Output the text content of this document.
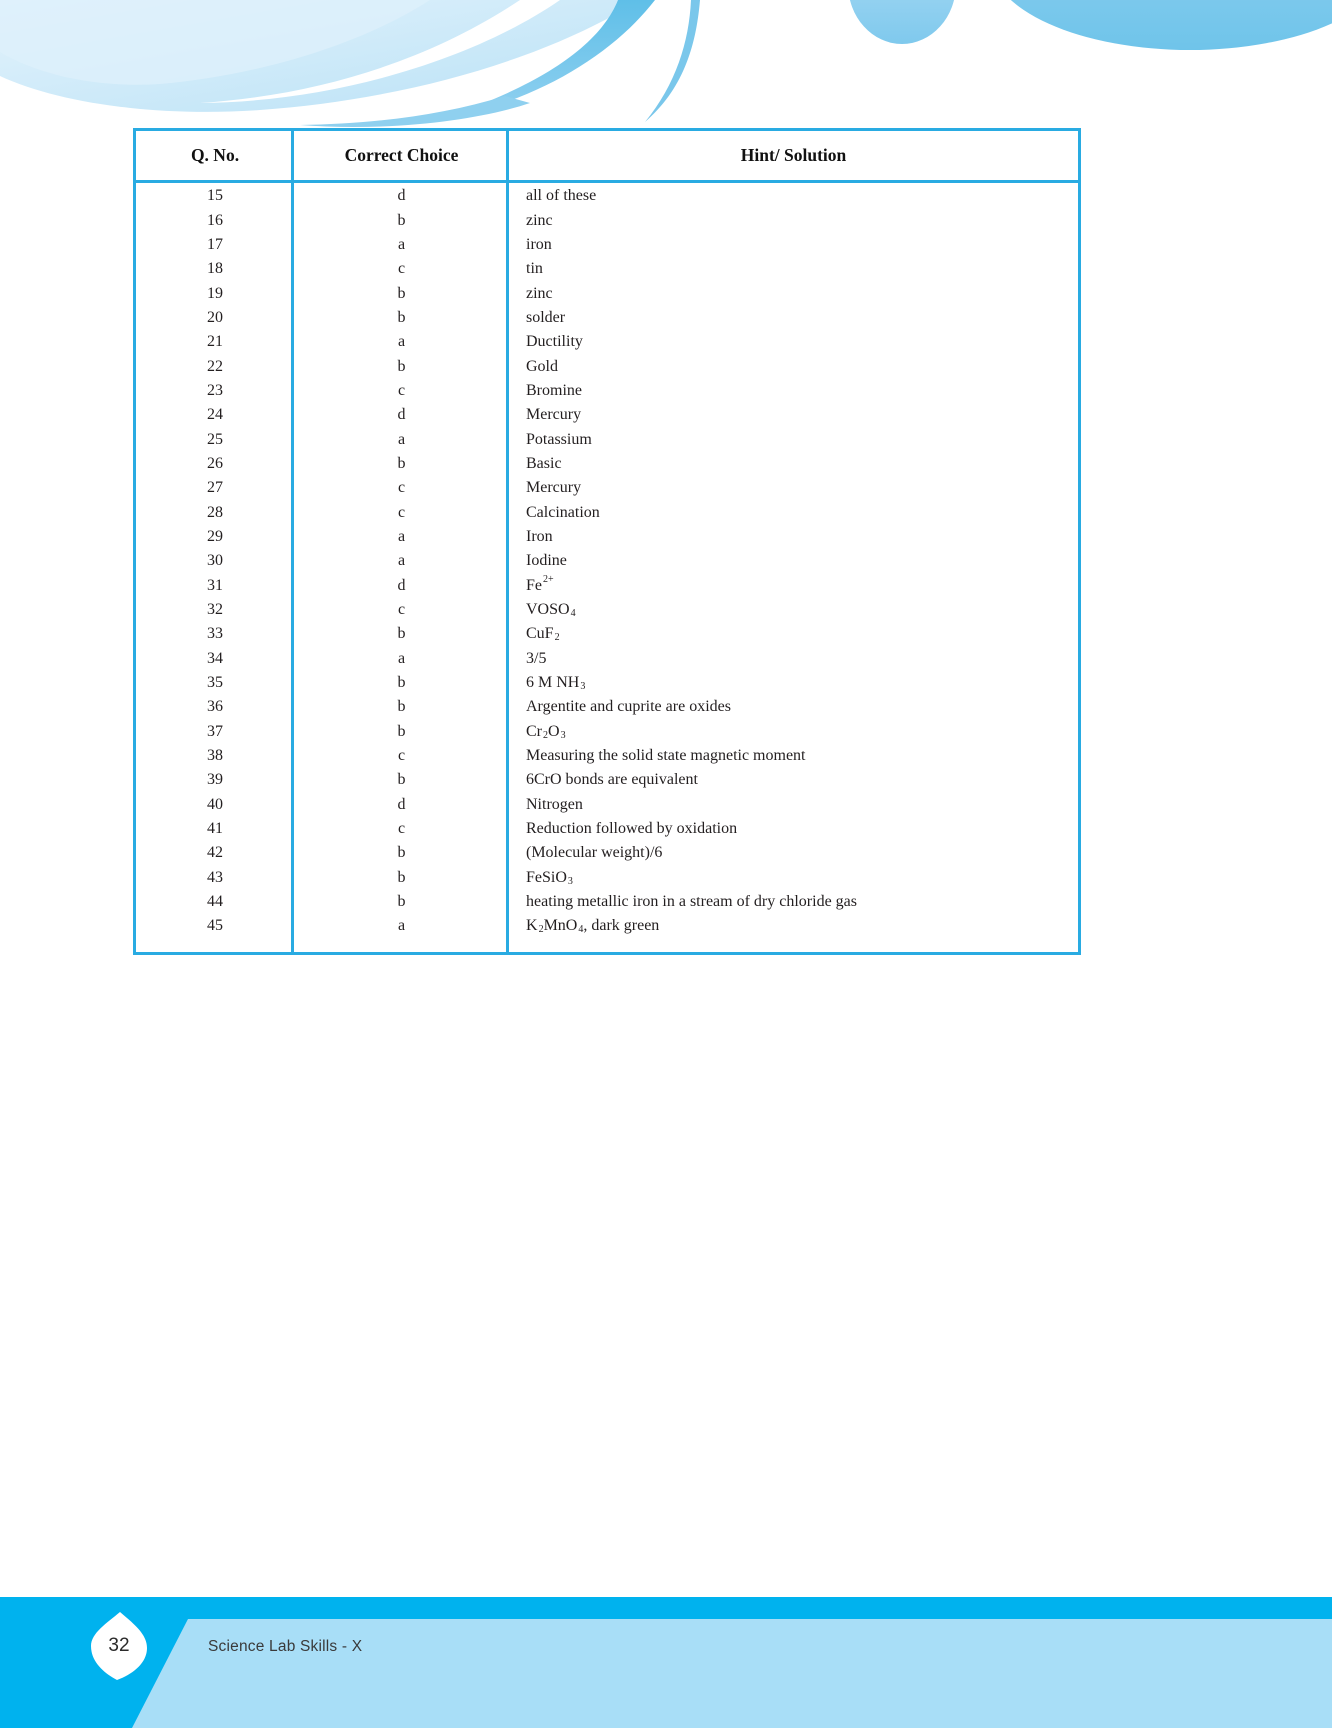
Q. No.	Correct Choice	Hint/ Solution
15	d	all of these
16	b	zinc
17	a	iron
18	c	tin
19	b	zinc
20	b	solder
21	a	Ductility
22	b	Gold
23	c	Bromine
24	d	Mercury
25	a	Potassium
26	b	Basic
27	c	Mercury
28	c	Calcination
29	a	Iron
30	a	Iodine
31	d	$Fe^{2+}$
32	c	$VOSO_4$
33	b	CuF$_2$
34	a	3/5
35	b	6 M $NH_3$
36	b	Argentite and cuprite are oxides
37	b	$Cr_2$ $O_3$
38	c	Measuring the solid state magnetic moment
39	b	6CrO bonds are equivalent
40	d	Nitrogen
41	c	Reduction followed by oxidation
42	b	(Molecular weight)/6
43	b	FeSiO$_3$
44	b	heating metallic iron in a stream of dry chloride gas
45	a	$K_2$ MnO$_4$ , dark green
32	Science Lab Skills - X
